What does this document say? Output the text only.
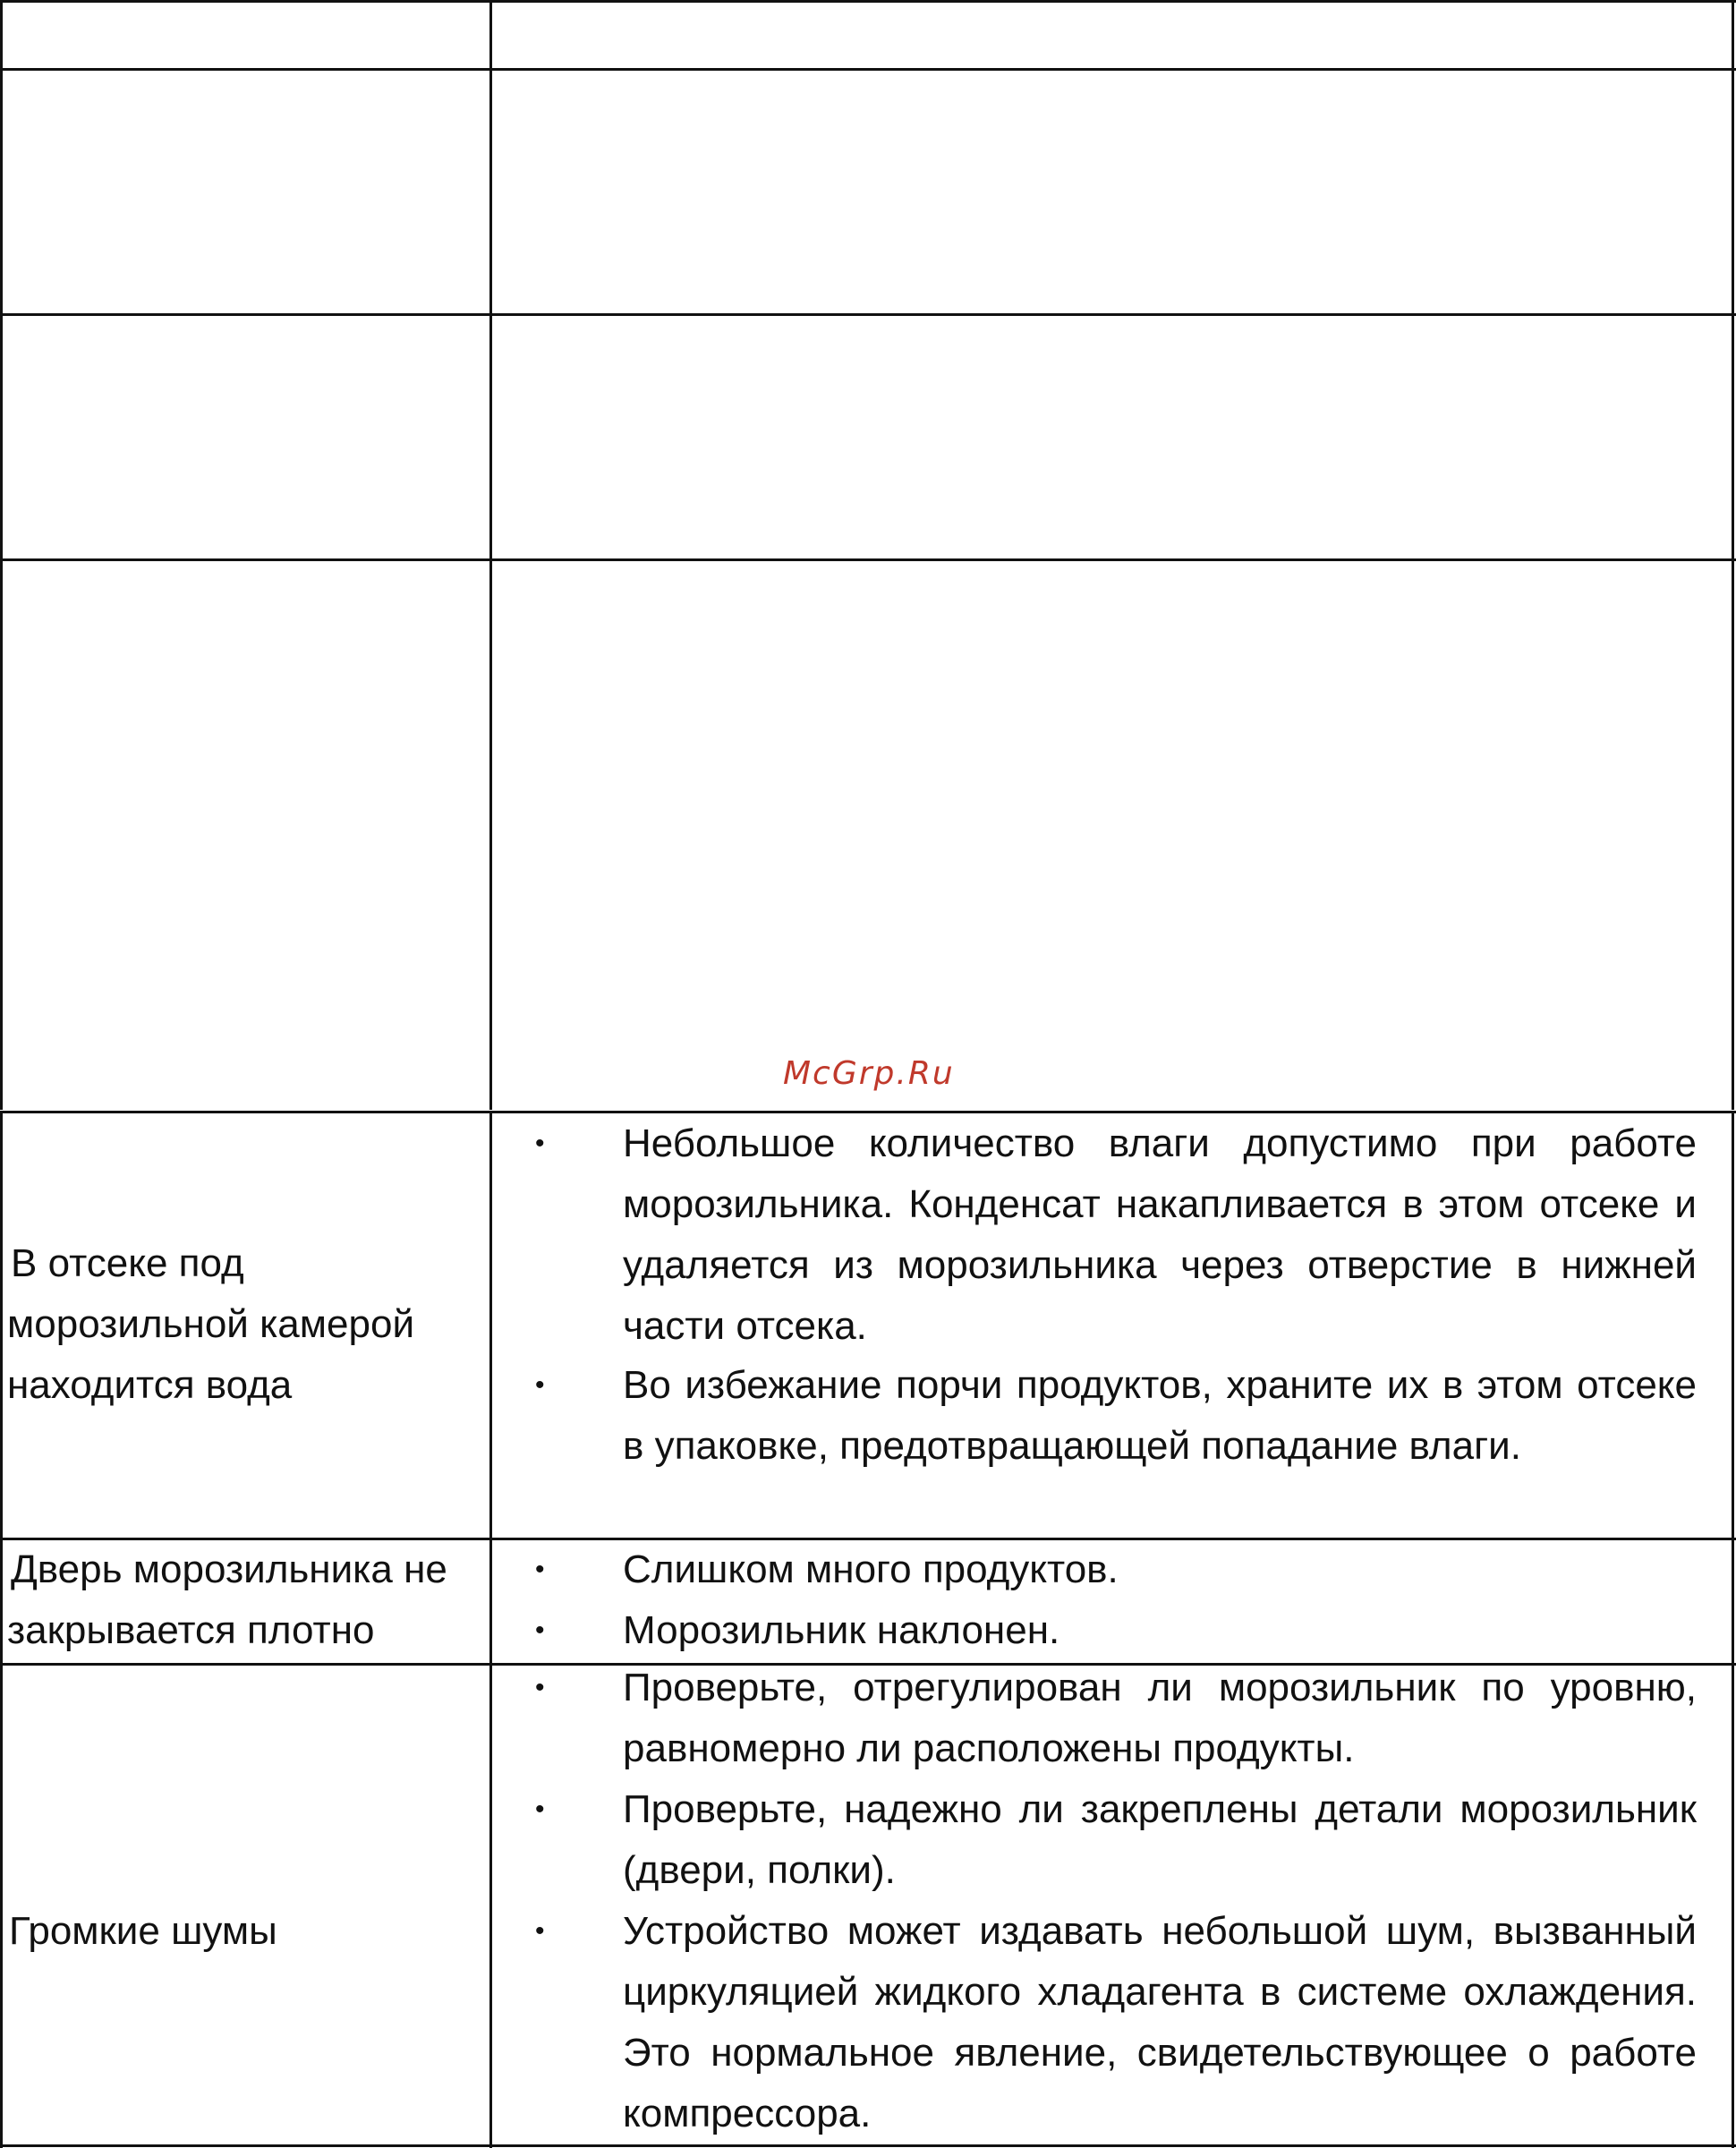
McGrp.Ru
В отсеке под
морозильной камерой
находится вода
• Небольшое количество влаги допустимо при работе морозильника. Конденсат накапливается в этом отсеке и удаляется из морозильника через отверстие в нижней части отсека.
• Во избежание порчи продуктов, храните их в этом отсеке в упаковке, предотвращающей попадание влаги.
Дверь морозильника не
закрывается плотно
• Слишком много продуктов.
• Морозильник наклонен.
Громкие шумы
• Проверьте, отрегулирован ли морозильник по уровню, равномерно ли расположены продукты.
• Проверьте, надежно ли закреплены детали морозильник (двери, полки).
• Устройство может издавать небольшой шум, вызванный циркуляцией жидкого хладагента в системе охлаждения. Это нормальное явление, свидетельствующее о работе компрессора.
